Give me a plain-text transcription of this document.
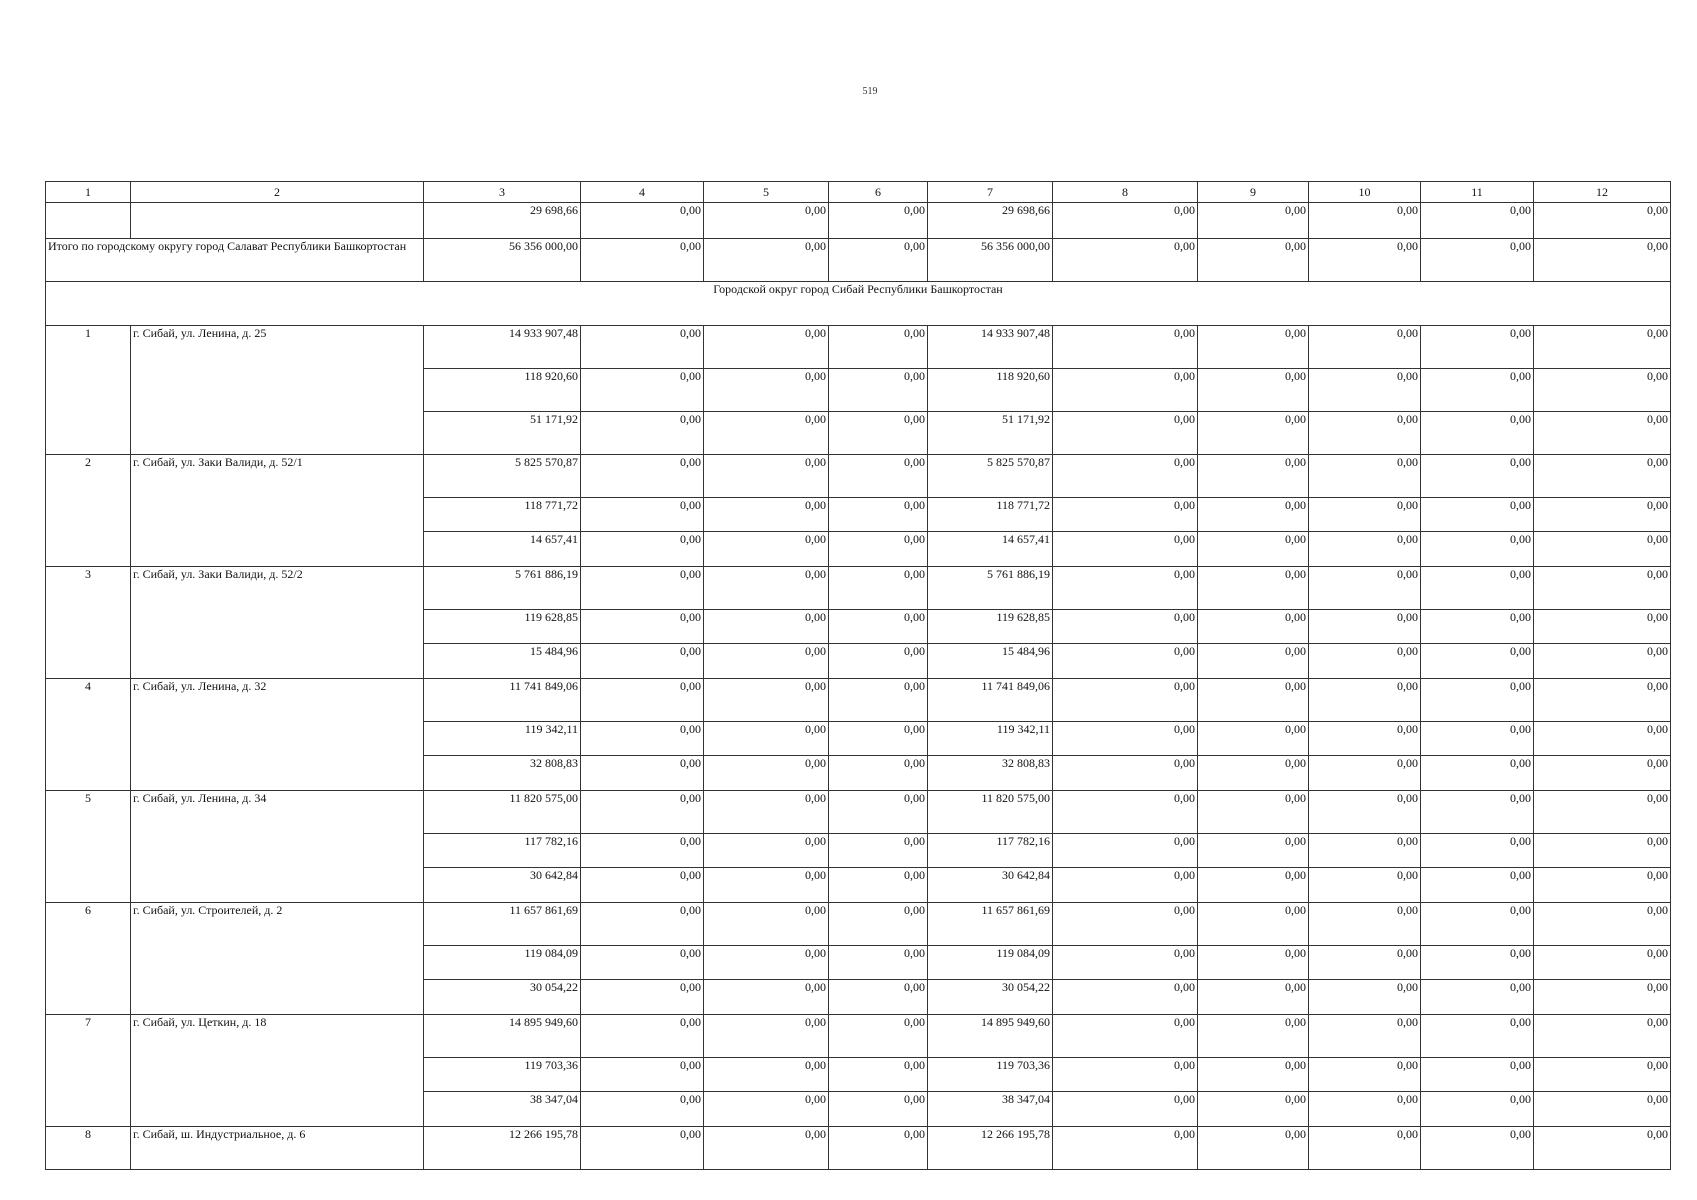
519
1	2	3	4	5	6	7	8	9	10	11	12
		29 698,66	0,00	0,00	0,00	29 698,66	0,00	0,00	0,00	0,00	0,00
Итого по городскому округу город Салават Республики Башкортостан		56 356 000,00	0,00	0,00	0,00	56 356 000,00	0,00	0,00	0,00	0,00	0,00
Городской округ город Сибай Республики Башкортостан											
1	г. Сибай, ул. Ленина, д. 25	14 933 907,48	0,00	0,00	0,00	14 933 907,48	0,00	0,00	0,00	0,00	0,00
		118 920,60	0,00	0,00	0,00	118 920,60	0,00	0,00	0,00	0,00	0,00
		51 171,92	0,00	0,00	0,00	51 171,92	0,00	0,00	0,00	0,00	0,00
2	г. Сибай, ул. Заки Валиди, д. 52/1	5 825 570,87	0,00	0,00	0,00	5 825 570,87	0,00	0,00	0,00	0,00	0,00
		118 771,72	0,00	0,00	0,00	118 771,72	0,00	0,00	0,00	0,00	0,00
		14 657,41	0,00	0,00	0,00	14 657,41	0,00	0,00	0,00	0,00	0,00
3	г. Сибай, ул. Заки Валиди, д. 52/2	5 761 886,19	0,00	0,00	0,00	5 761 886,19	0,00	0,00	0,00	0,00	0,00
		119 628,85	0,00	0,00	0,00	119 628,85	0,00	0,00	0,00	0,00	0,00
		15 484,96	0,00	0,00	0,00	15 484,96	0,00	0,00	0,00	0,00	0,00
4	г. Сибай, ул. Ленина, д. 32	11 741 849,06	0,00	0,00	0,00	11 741 849,06	0,00	0,00	0,00	0,00	0,00
		119 342,11	0,00	0,00	0,00	119 342,11	0,00	0,00	0,00	0,00	0,00
		32 808,83	0,00	0,00	0,00	32 808,83	0,00	0,00	0,00	0,00	0,00
5	г. Сибай, ул. Ленина, д. 34	11 820 575,00	0,00	0,00	0,00	11 820 575,00	0,00	0,00	0,00	0,00	0,00
		117 782,16	0,00	0,00	0,00	117 782,16	0,00	0,00	0,00	0,00	0,00
		30 642,84	0,00	0,00	0,00	30 642,84	0,00	0,00	0,00	0,00	0,00
6	г. Сибай, ул. Строителей, д. 2	11 657 861,69	0,00	0,00	0,00	11 657 861,69	0,00	0,00	0,00	0,00	0,00
		119 084,09	0,00	0,00	0,00	119 084,09	0,00	0,00	0,00	0,00	0,00
		30 054,22	0,00	0,00	0,00	30 054,22	0,00	0,00	0,00	0,00	0,00
7	г. Сибай, ул. Цеткин, д. 18	14 895 949,60	0,00	0,00	0,00	14 895 949,60	0,00	0,00	0,00	0,00	0,00
		119 703,36	0,00	0,00	0,00	119 703,36	0,00	0,00	0,00	0,00	0,00
		38 347,04	0,00	0,00	0,00	38 347,04	0,00	0,00	0,00	0,00	0,00
8	г. Сибай, ш. Индустриальное, д. 6	12 266 195,78	0,00	0,00	0,00	12 266 195,78	0,00	0,00	0,00	0,00	0,00
